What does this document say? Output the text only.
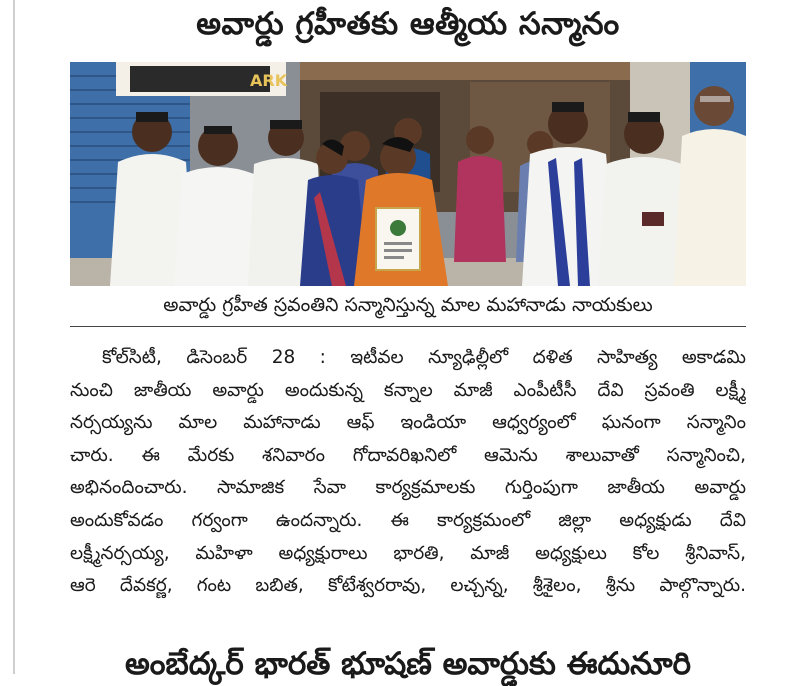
అవార్డు గ్రహీతకు ఆత్మీయ సన్మానం
ARK
అవార్డు గ్రహీత స్రవంతిని సన్మానిస్తున్న మాల మహానాడు నాయకులు
కోల్‌సిటీ, డిసెంబర్ 28 : ఇటీవల న్యూఢిల్లీలో దళిత సాహిత్య అకాడమి
నుంచి జాతీయ అవార్డు అందుకున్న కన్నాల మాజీ ఎంపీటీసీ దేవి స్రవంతి లక్ష్మీ
నర్సయ్యను మాల మహానాడు ఆఫ్ ఇండియా ఆధ్వర్యంలో ఘనంగా సన్మానిం
చారు. ఈ మేరకు శనివారం గోదావరిఖనిలో ఆమెను శాలువాతో సన్మానించి,
అభినందించారు. సామాజిక సేవా కార్యక్రమాలకు గుర్తింపుగా జాతీయ అవార్డు
అందుకోవడం గర్వంగా ఉందన్నారు. ఈ కార్యక్రమంలో జిల్లా అధ్యక్షుడు దేవి
లక్ష్మీనర్సయ్య, మహిళా అధ్యక్షురాలు భారతి, మాజీ అధ్యక్షులు కోల శ్రీనివాస్,
ఆరె దేవకర్ణ, గంట బబిత, కోటేశ్వరరావు, లచ్చన్న, శ్రీశైలం, శ్రీను పాల్గొన్నారు.
అంబేద్కర్ భారత్ భూషణ్ అవార్డుకు ఈదునూరి
